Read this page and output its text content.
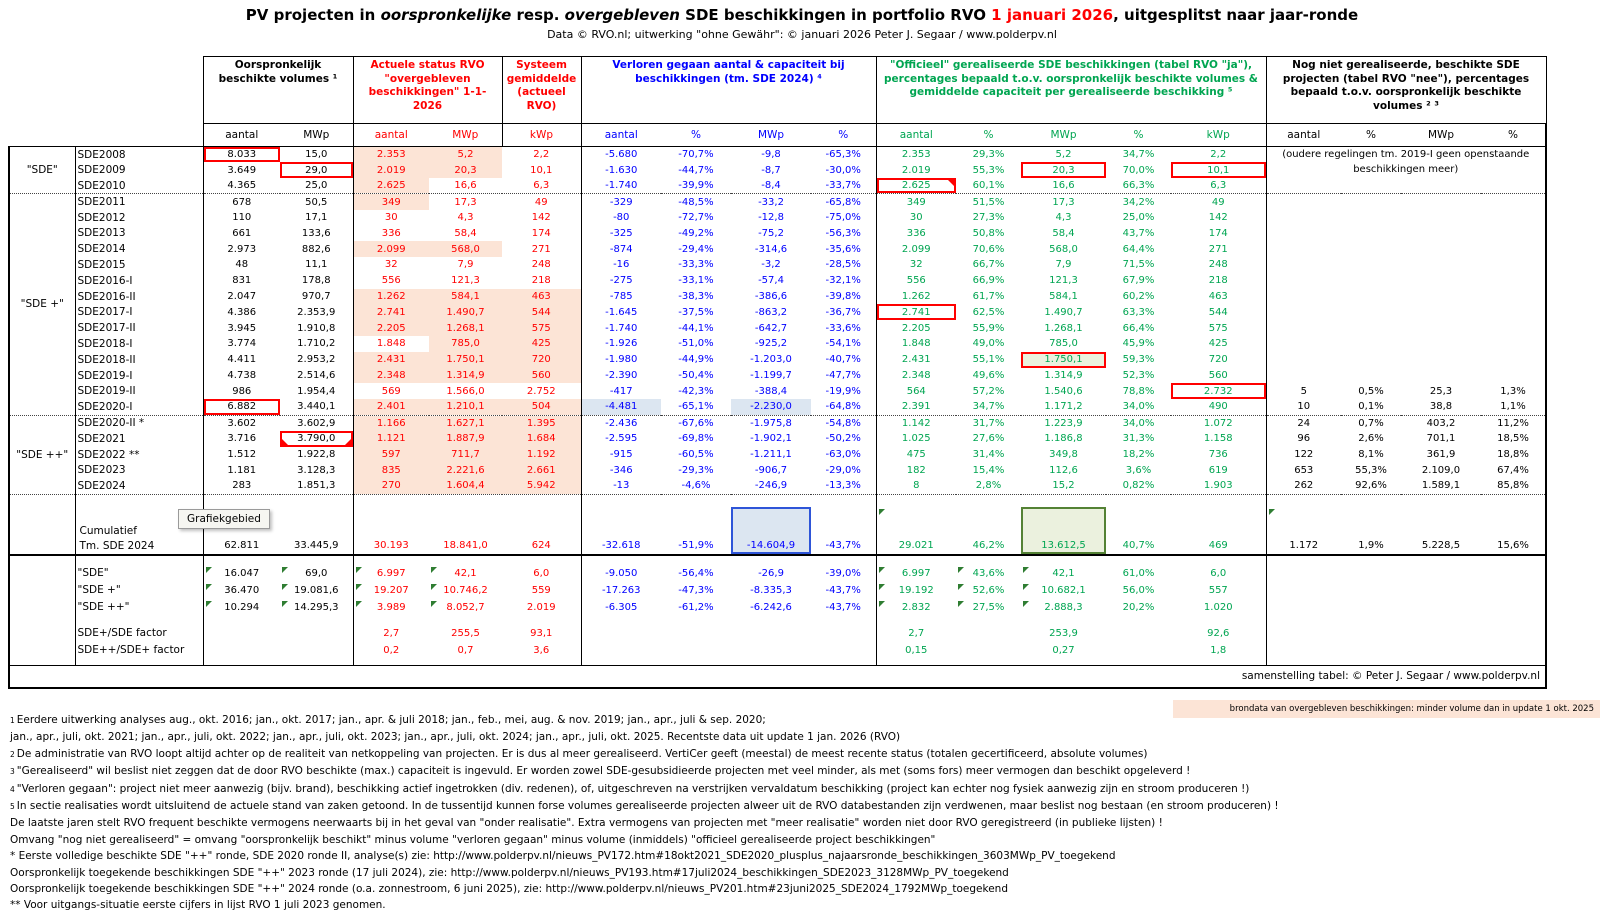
PV projecten in oorspronkelijke resp. overgebleven SDE beschikkingen in portfolio RVO 1 januari 2026, uitgesplitst naar jaar-ronde
Data © RVO.nl; uitwerking "ohne Gewähr": © januari 2026 Peter J. Segaar / www.polderpv.nl
		Oorspronkelijk beschikte volumes ¹		Actuele status RVO "overgebleven beschikkingen" 1-1-2026		Systeem gemiddelde (actueel RVO)	Verloren gegaan aantal & capaciteit bij beschikkingen (tm. SDE 2024) ⁴				"Officieel" gerealiseerde SDE beschikkingen (tabel RVO "ja"), percentages bepaald t.o.v. oorspronkelijk beschikte volumes & gemiddelde capaciteit per gerealiseerde beschikking ⁵					Nog niet gerealiseerde, beschikte SDE projecten (tabel RVO "nee"), percentages bepaald t.o.v. oorspronkelijk beschikte volumes ² ³			
		aantal	MWp	aantal	MWp	kWp	aantal	%	MWp	%	aantal	%	MWp	%	kWp	aantal	%	MWp	%
"SDE"	SDE2008	8.033	15,0	2.353	5,2	2,2	-5.680	-70,7%	-9,8	-65,3%	2.353	29,3%	5,2	34,7%	2,2	(oudere regelingen tm. 2019-I geen openstaande beschikkingen meer)			
	SDE2009	3.649	29,0	2.019	20,3	10,1	-1.630	-44,7%	-8,7	-30,0%	2.019	55,3%	20,3	70,0%	10,1				
	SDE2010	4.365	25,0	2.625	16,6	6,3	-1.740	-39,9%	-8,4	-33,7%	2.625	60,1%	16,6	66,3%	6,3				
"SDE +"	SDE2011	678	50,5	349	17,3	49	-329	-48,5%	-33,2	-65,8%	349	51,5%	17,3	34,2%	49				
	SDE2012	110	17,1	30	4,3	142	-80	-72,7%	-12,8	-75,0%	30	27,3%	4,3	25,0%	142				
	SDE2013	661	133,6	336	58,4	174	-325	-49,2%	-75,2	-56,3%	336	50,8%	58,4	43,7%	174				
	SDE2014	2.973	882,6	2.099	568,0	271	-874	-29,4%	-314,6	-35,6%	2.099	70,6%	568,0	64,4%	271				
	SDE2015	48	11,1	32	7,9	248	-16	-33,3%	-3,2	-28,5%	32	66,7%	7,9	71,5%	248				
	SDE2016-I	831	178,8	556	121,3	218	-275	-33,1%	-57,4	-32,1%	556	66,9%	121,3	67,9%	218				
	SDE2016-II	2.047	970,7	1.262	584,1	463	-785	-38,3%	-386,6	-39,8%	1.262	61,7%	584,1	60,2%	463				
	SDE2017-I	4.386	2.353,9	2.741	1.490,7	544	-1.645	-37,5%	-863,2	-36,7%	2.741	62,5%	1.490,7	63,3%	544				
	SDE2017-II	3.945	1.910,8	2.205	1.268,1	575	-1.740	-44,1%	-642,7	-33,6%	2.205	55,9%	1.268,1	66,4%	575				
	SDE2018-I	3.774	1.710,2	1.848	785,0	425	-1.926	-51,0%	-925,2	-54,1%	1.848	49,0%	785,0	45,9%	425				
	SDE2018-II	4.411	2.953,2	2.431	1.750,1	720	-1.980	-44,9%	-1.203,0	-40,7%	2.431	55,1%	1.750,1	59,3%	720				
	SDE2019-I	4.738	2.514,6	2.348	1.314,9	560	-2.390	-50,4%	-1.199,7	-47,7%	2.348	49,6%	1.314,9	52,3%	560				
	SDE2019-II	986	1.954,4	569	1.566,0	2.752	-417	-42,3%	-388,4	-19,9%	564	57,2%	1.540,6	78,8%	2.732	5	0,5%	25,3	1,3%
	SDE2020-I	6.882	3.440,1	2.401	1.210,1	504	-4.481	-65,1%	-2.230,0	-64,8%	2.391	34,7%	1.171,2	34,0%	490	10	0,1%	38,8	1,1%
"SDE ++"	SDE2020-II *	3.602	3.602,9	1.166	1.627,1	1.395	-2.436	-67,6%	-1.975,8	-54,8%	1.142	31,7%	1.223,9	34,0%	1.072	24	0,7%	403,2	11,2%
	SDE2021	3.716	3.790,0	1.121	1.887,9	1.684	-2.595	-69,8%	-1.902,1	-50,2%	1.025	27,6%	1.186,8	31,3%	1.158	96	2,6%	701,1	18,5%
	SDE2022 **	1.512	1.922,8	597	711,7	1.192	-915	-60,5%	-1.211,1	-63,0%	475	31,4%	349,8	18,2%	736	122	8,1%	361,9	18,8%
	SDE2023	1.181	3.128,3	835	2.221,6	2.661	-346	-29,3%	-906,7	-29,0%	182	15,4%	112,6	3,6%	619	653	55,3%	2.109,0	67,4%
	SDE2024	283	1.851,3	270	1.604,4	5.942	-13	-4,6%	-246,9	-13,3%	8	2,8%	15,2	0,82%	1.903	262	92,6%	1.589,1	85,8%

	Cumulatief
Tm. SDE 2024	62.811	33.445,9	30.193	18.841,0	624	-32.618	-51,9%	-14.604,9	-43,7%	29.021	46,2%	13.612,5	40,7%	469	1.172	1,9%	5.228,5	15,6%

	"SDE"	16.047	69,0	6.997	42,1	6,0	-9.050	-56,4%	-26,9	-39,0%	6.997	43,6%	42,1	61,0%	6,0				
	"SDE +"	36.470	19.081,6	19.207	10.746,2	559	-17.263	-47,3%	-8.335,3	-43,7%	19.192	52,6%	10.682,1	56,0%	557				
	"SDE ++"	10.294	14.295,3	3.989	8.052,7	2.019	-6.305	-61,2%	-6.242,6	-43,7%	2.832	27,5%	2.888,3	20,2%	1.020				

	SDE+/SDE factor			2,7	255,5	93,1					2,7		253,9		92,6				
	SDE++/SDE+ factor			0,2	0,7	3,6					0,15		0,27		1,8				

samenstelling tabel: © Peter J. Segaar / www.polderpv.nl																			
Grafiekgebied
brondata van overgebleven beschikkingen: minder volume dan in update 1 okt. 2025
1 Eerdere uitwerking analyses aug., okt. 2016; jan., okt. 2017; jan., apr. & juli 2018; jan., feb., mei, aug. & nov. 2019; jan., apr., juli & sep. 2020;
jan., apr., juli, okt. 2021; jan., apr., juli, okt. 2022; jan., apr., juli, okt. 2023; jan., apr., juli, okt. 2024; jan., apr., juli, okt. 2025. Recentste data uit update 1 jan. 2026 (RVO)
2 De administratie van RVO loopt altijd achter op de realiteit van netkoppeling van projecten. Er is dus al meer gerealiseerd. VertiCer geeft (meestal) de meest recente status (totalen gecertificeerd, absolute volumes)
3 "Gerealiseerd" wil beslist niet zeggen dat de door RVO beschikte (max.) capaciteit is ingevuld. Er worden zowel SDE-gesubsidieerde projecten met veel minder, als met (soms fors) meer vermogen dan beschikt opgeleverd !
4 "Verloren gegaan": project niet meer aanwezig (bijv. brand), beschikking actief ingetrokken (div. redenen), of, uitgeschreven na verstrijken vervaldatum beschikking (project kan echter nog fysiek aanwezig zijn en stroom produceren !)
5 In sectie realisaties wordt uitsluitend de actuele stand van zaken getoond. In de tussentijd kunnen forse volumes gerealiseerde projecten alweer uit de RVO databestanden zijn verdwenen, maar beslist nog bestaan (en stroom produceren) !
De laatste jaren stelt RVO frequent beschikte vermogens neerwaarts bij in het geval van "onder realisatie". Extra vermogens van projecten met "meer realisatie" worden niet door RVO geregistreerd (in publieke lijsten) !
Omvang "nog niet gerealiseerd" = omvang "oorspronkelijk beschikt" minus volume "verloren gegaan" minus volume (inmiddels) "officieel gerealiseerde project beschikkingen"
* Eerste volledige beschikte SDE "++" ronde, SDE 2020 ronde II, analyse(s) zie: http://www.polderpv.nl/nieuws_PV172.htm#18okt2021_SDE2020_plusplus_najaarsronde_beschikkingen_3603MWp_PV_toegekend
Oorspronkelijk toegekende beschikkingen SDE "++" 2023 ronde (17 juli 2024), zie: http://www.polderpv.nl/nieuws_PV193.htm#17juli2024_beschikkingen_SDE2023_3128MWp_PV_toegekend
Oorspronkelijk toegekende beschikkingen SDE "++" 2024 ronde (o.a. zonnestroom, 6 juni 2025), zie: http://www.polderpv.nl/nieuws_PV201.htm#23juni2025_SDE2024_1792MWp_toegekend
** Voor uitgangs-situatie eerste cijfers in lijst RVO 1 juli 2023 genomen.
